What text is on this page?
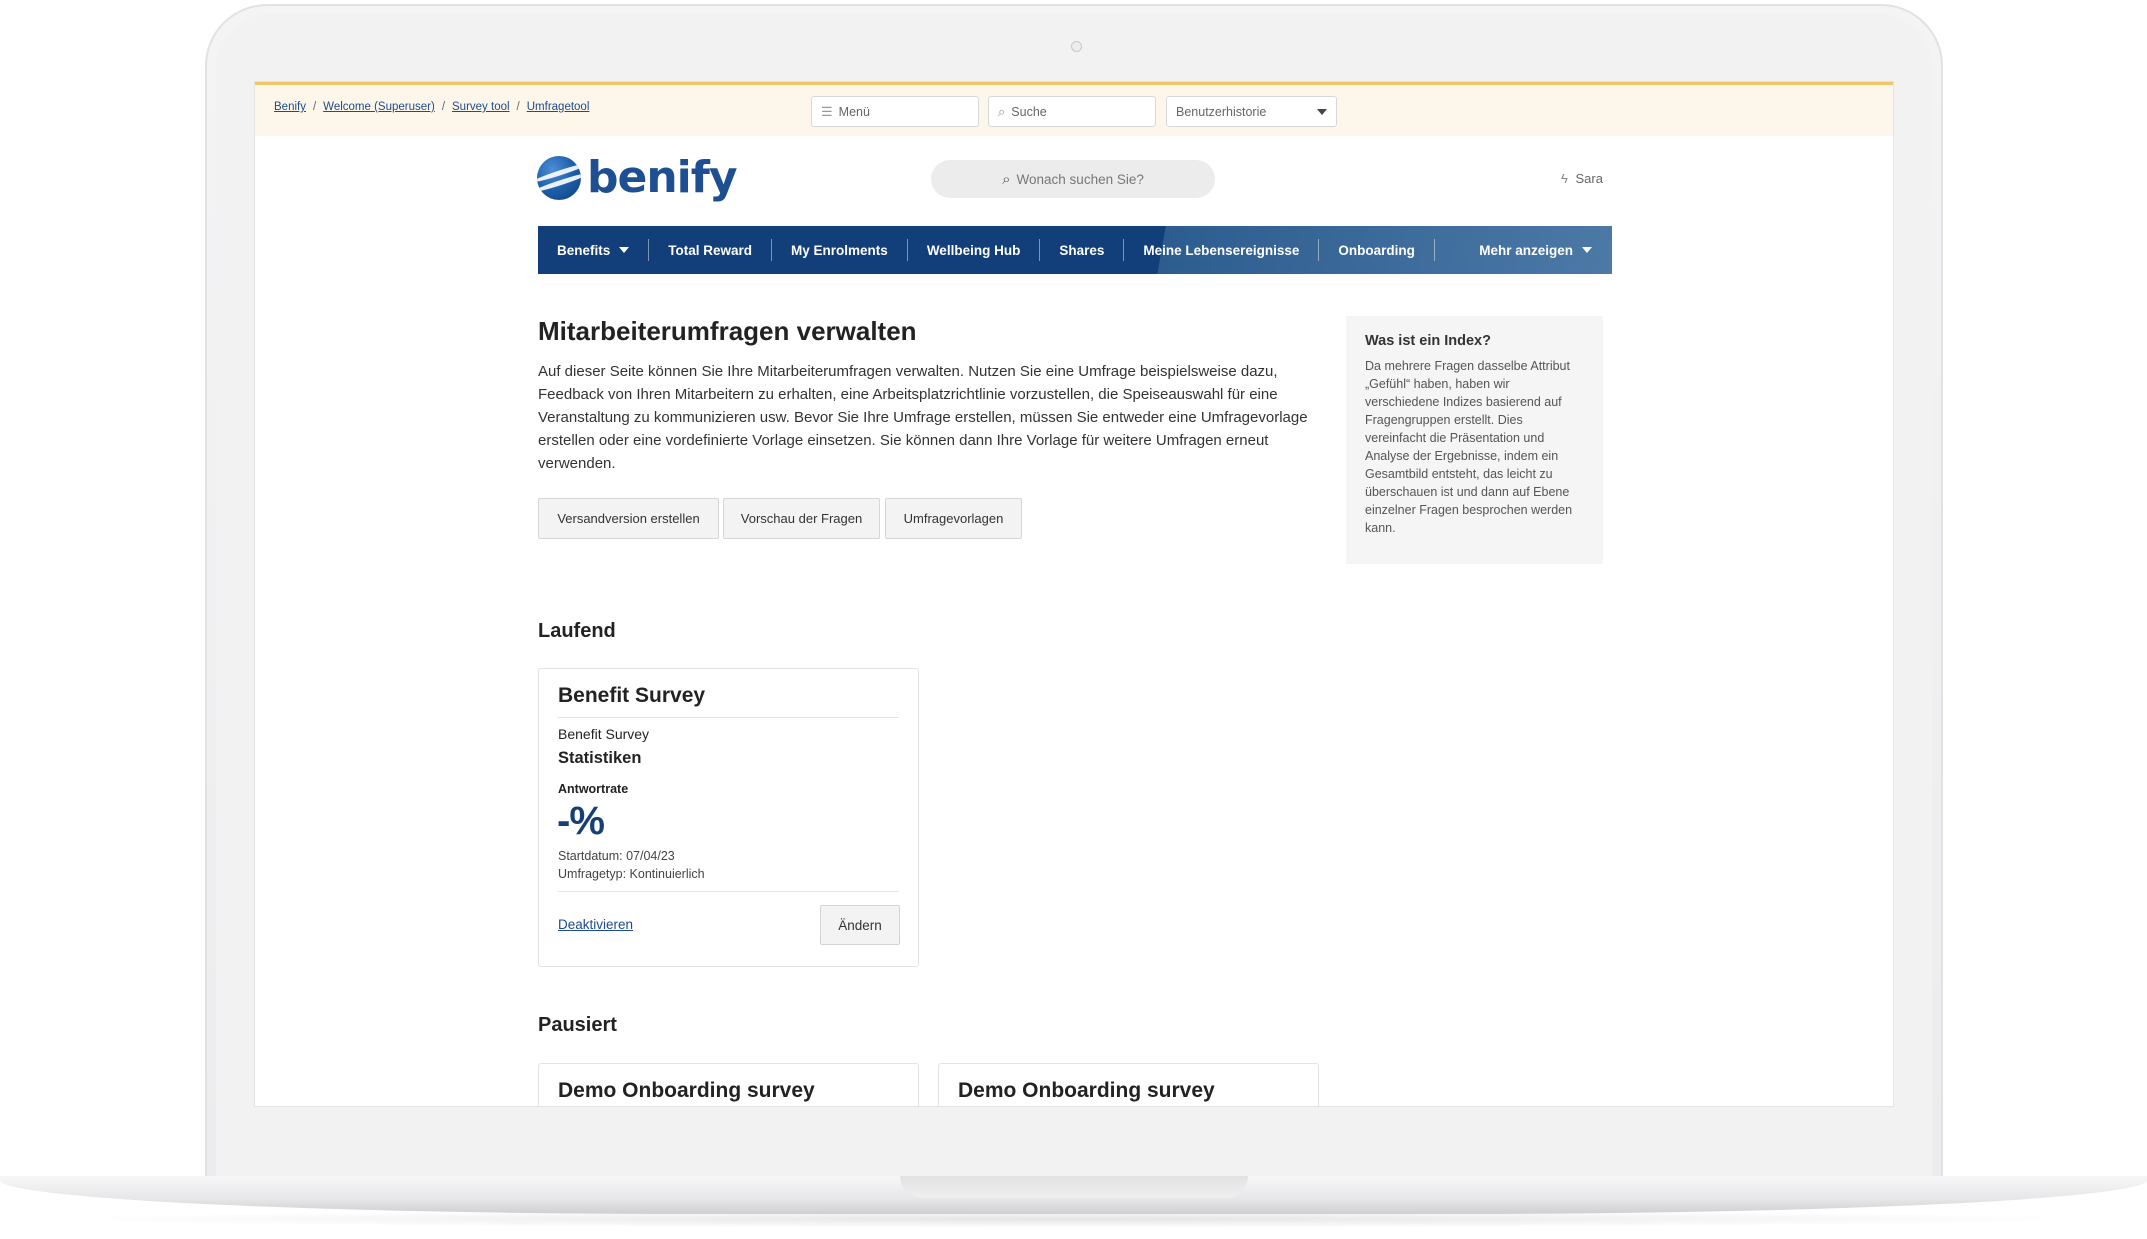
Benify / Welcome (Superuser) / Survey tool / Umfragetool	☰ Menü	⌕ Suche	Benutzerhistorie
benify	⌕ Wonach suchen Sie?	ϟ Sara
Benefits	Total Reward	My Enrolments	Wellbeing Hub	Shares	Meine Lebensereignisse	Onboarding	Mehr anzeigen
Mitarbeiterumfragen verwalten

Auf dieser Seite können Sie Ihre Mitarbeiterumfragen verwalten. Nutzen Sie eine Umfrage beispielsweise dazu, Feedback von Ihren Mitarbeitern zu erhalten, eine Arbeitsplatzrichtlinie vorzustellen, die Speiseauswahl für eine Veranstaltung zu kommunizieren usw. Bevor Sie Ihre Umfrage erstellen, müssen Sie entweder eine Umfragevorlage erstellen oder eine vordefinierte Vorlage einsetzen. Sie können dann Ihre Vorlage für weitere Umfragen erneut verwenden.

Versandversion erstellen	Vorschau der Fragen	Umfragevorlagen
Was ist ein Index?
Da mehrere Fragen dasselbe Attribut „Gefühl“ haben, haben wir verschiedene Indizes basierend auf Fragengruppen erstellt. Dies vereinfacht die Präsentation und Analyse der Ergebnisse, indem ein Gesamtbild entsteht, das leicht zu überschauen ist und dann auf Ebene einzelner Fragen besprochen werden kann.
Laufend
Benefit Survey
Benefit Survey
Statistiken
Antwortrate
-%
Startdatum: 07/04/23
Umfragetyp: Kontinuierlich
Deaktivieren	Ändern
Pausiert
Demo Onboarding survey	Demo Onboarding survey
